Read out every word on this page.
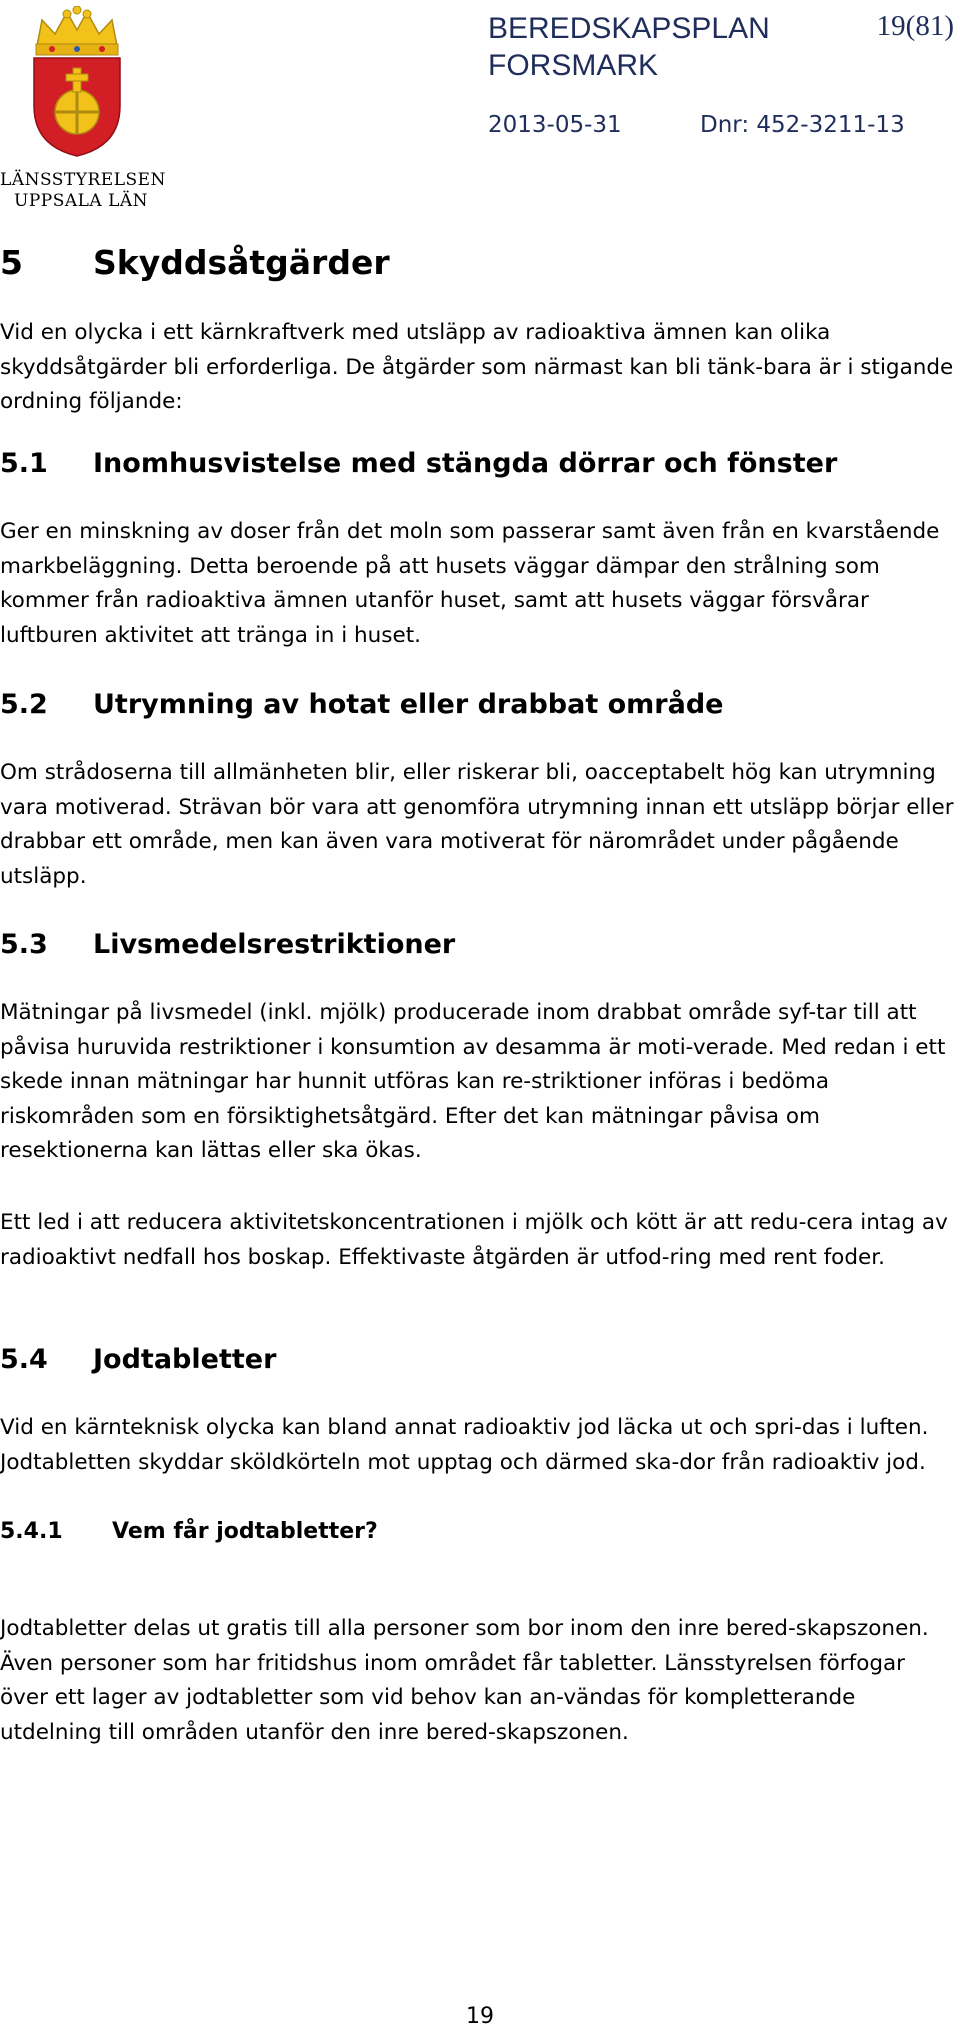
LÄNSSTYRELSEN
UPPSALA LÄN
BEREDSKAPSPLAN
FORSMARK
19(81)
2013-05-31	Dnr: 452-3211-13
5 Skyddsåtgärder

Vid en olycka i ett kärnkraftverk med utsläpp av radioaktiva ämnen kan olika skyddsåtgärder bli erforderliga. De åtgärder som närmast kan bli tänk-bara är i stigande ordning följande:

5.1 Inomhusvistelse med stängda dörrar och fönster

Ger en minskning av doser från det moln som passerar samt även från en kvarstående markbeläggning. Detta beroende på att husets väggar dämpar den strålning som kommer från radioaktiva ämnen utanför huset, samt att husets väggar försvårar luftburen aktivitet att tränga in i huset.

5.2 Utrymning av hotat eller drabbat område

Om strådoserna till allmänheten blir, eller riskerar bli, oacceptabelt hög kan utrymning vara motiverad. Strävan bör vara att genomföra utrymning innan ett utsläpp börjar eller drabbar ett område, men kan även vara motiverat för närområdet under pågående utsläpp.

5.3 Livsmedelsrestriktioner

Mätningar på livsmedel (inkl. mjölk) producerade inom drabbat område syf-tar till att påvisa huruvida restriktioner i konsumtion av desamma är moti-verade. Med redan i ett skede innan mätningar har hunnit utföras kan re-striktioner införas i bedöma riskområden som en försiktighetsåtgärd. Efter det kan mätningar påvisa om resektionerna kan lättas eller ska ökas.

Ett led i att reducera aktivitetskoncentrationen i mjölk och kött är att redu-cera intag av radioaktivt nedfall hos boskap. Effektivaste åtgärden är utfod-ring med rent foder.

5.4 Jodtabletter

Vid en kärnteknisk olycka kan bland annat radioaktiv jod läcka ut och spri-das i luften. Jodtabletten skyddar sköldkörteln mot upptag och därmed ska-dor från radioaktiv jod.

5.4.1 Vem får jodtabletter?

Jodtabletter delas ut gratis till alla personer som bor inom den inre bered-skapszonen. Även personer som har fritidshus inom området får tabletter. Länsstyrelsen förfogar över ett lager av jodtabletter som vid behov kan an-vändas för kompletterande utdelning till områden utanför den inre bered-skapszonen.

19
